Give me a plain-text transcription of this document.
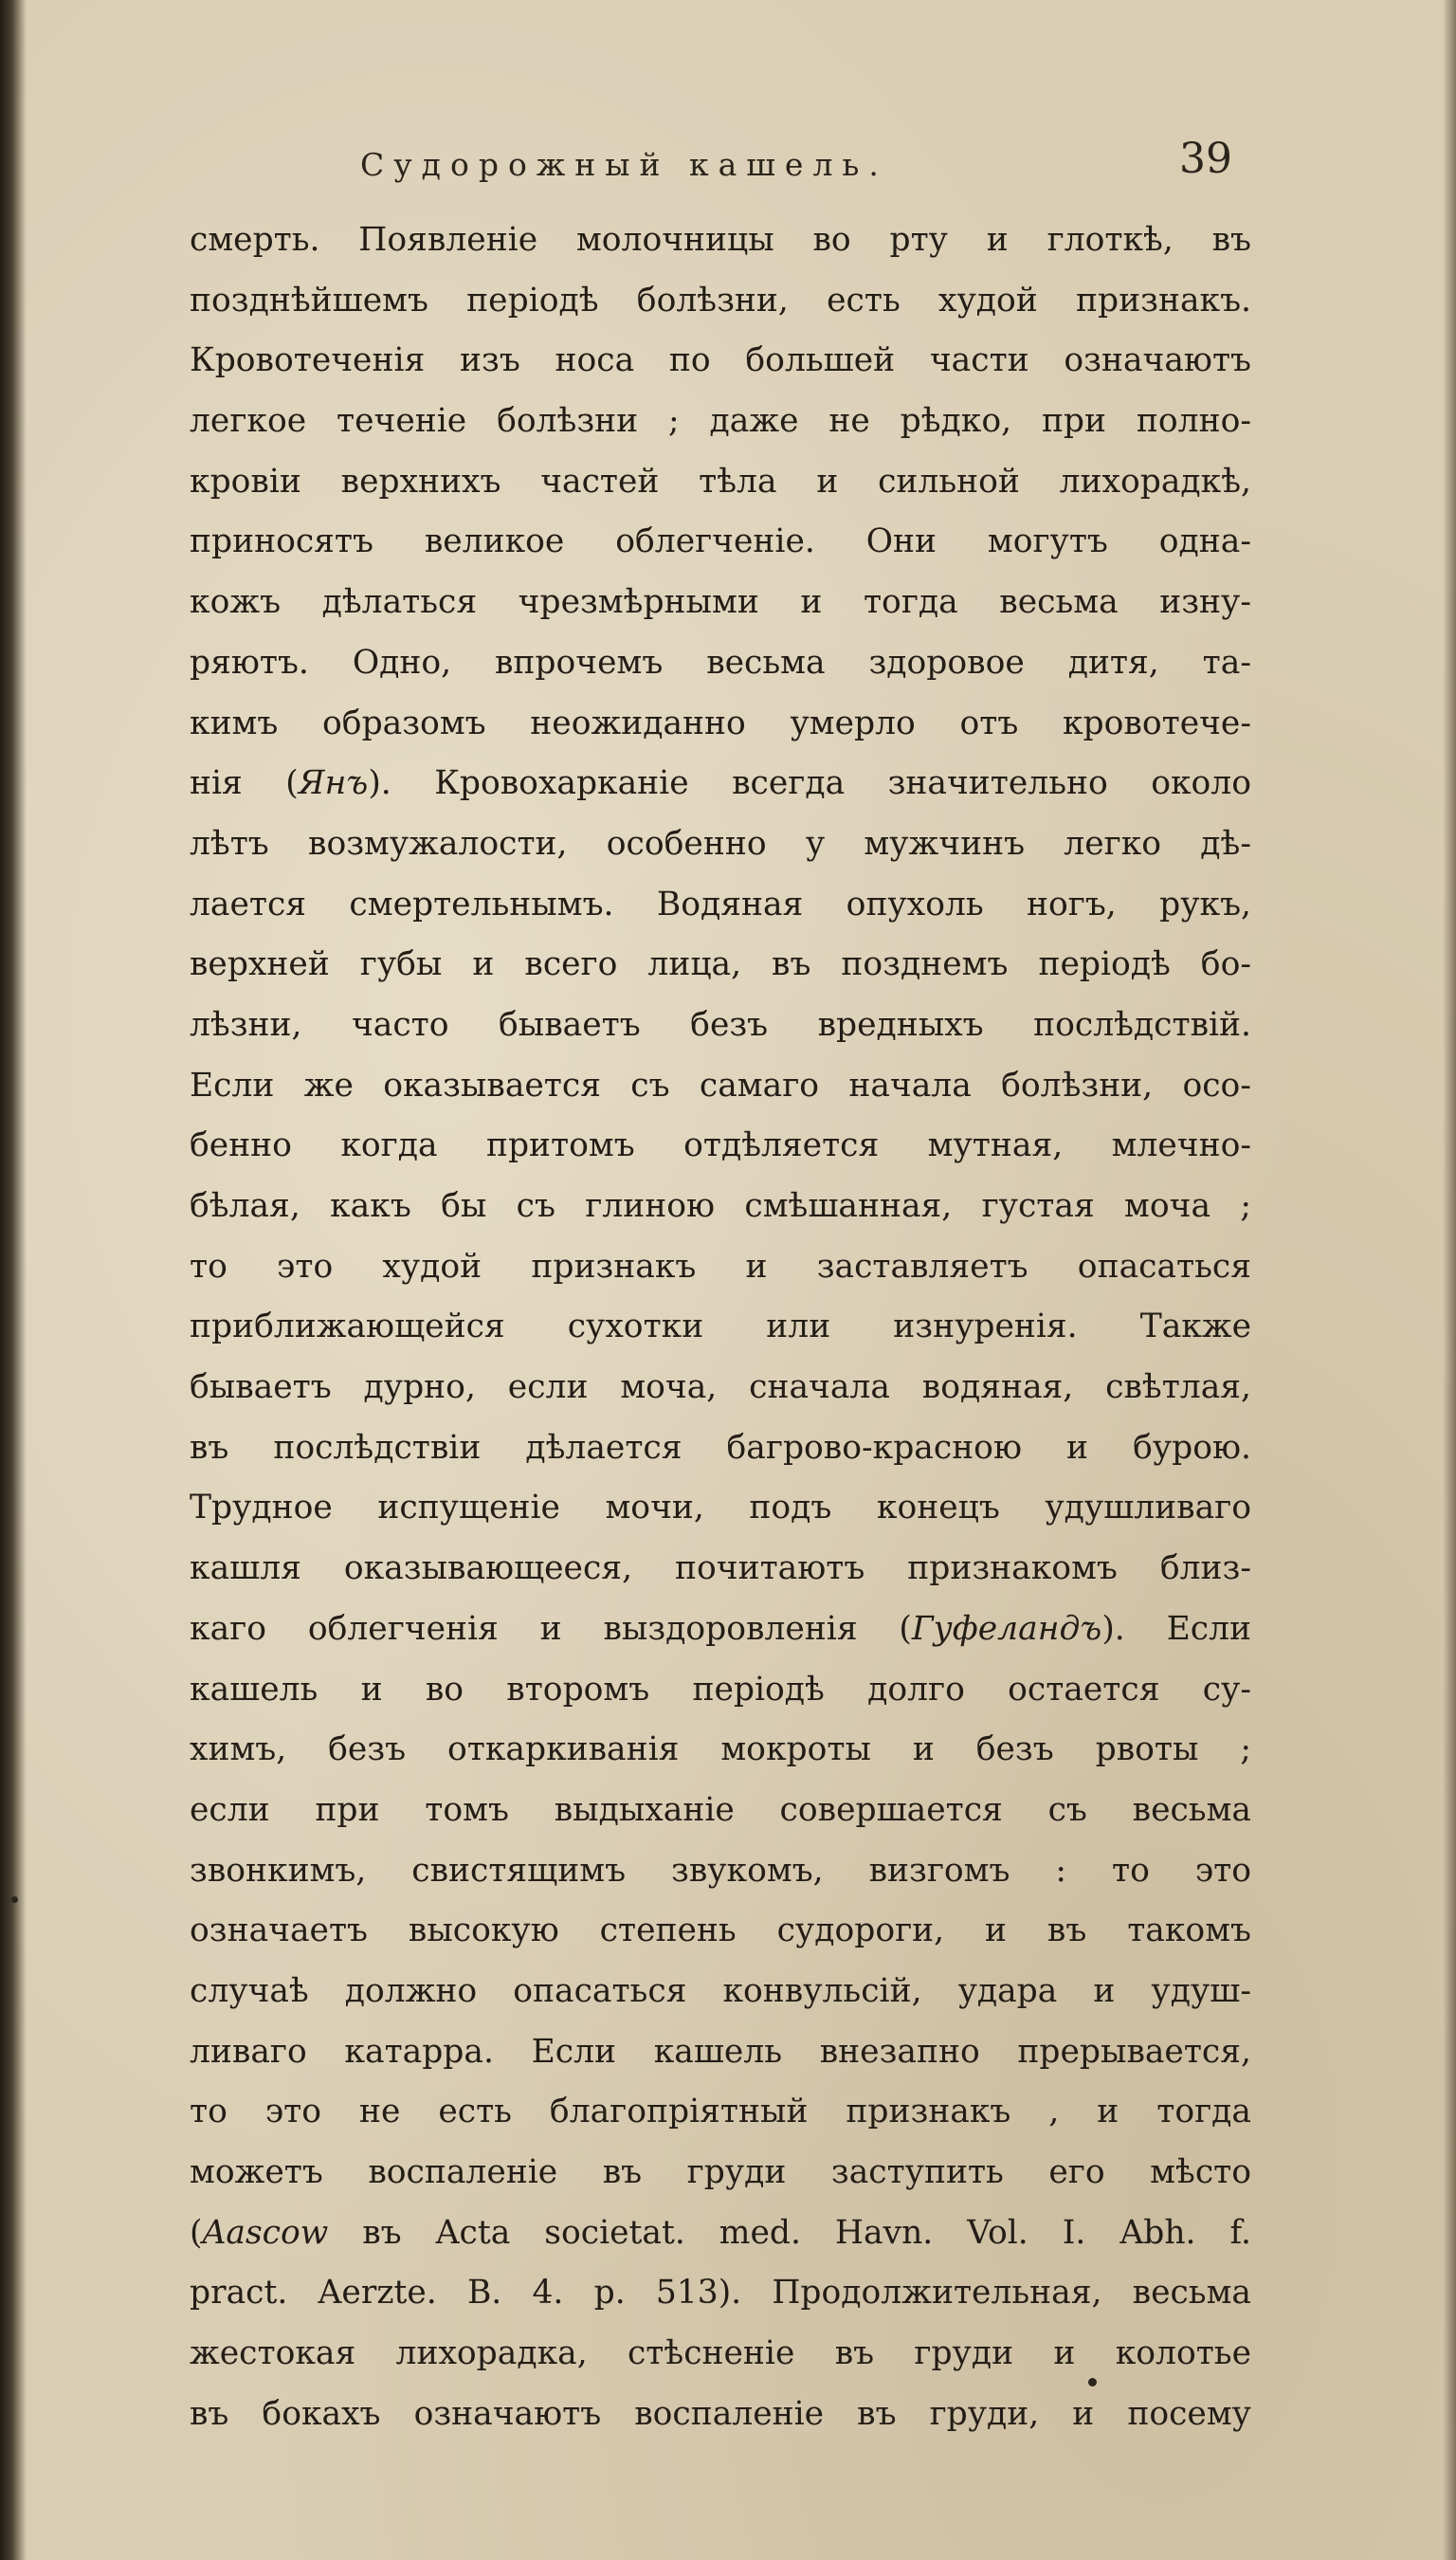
Судорожный кашель.	39
смерть. Появленіе молочницы во рту и глоткѣ, въ
позднѣйшемъ періодѣ болѣзни, есть худой признакъ.
Кровотеченія изъ носа по большей части означаютъ
легкое теченіе болѣзни ; даже не рѣдко, при полно-
кровіи верхнихъ частей тѣла и сильной лихорадкѣ,
приносятъ великое облегченіе. Они могутъ одна-
кожъ дѣлаться чрезмѣрными и тогда весьма изну-
ряютъ. Одно, впрочемъ весьма здоровое дитя, та-
кимъ образомъ неожиданно умерло отъ кровотече-
нія (Янъ). Кровохарканіе всегда значительно около
лѣтъ возмужалости, особенно у мужчинъ легко дѣ-
лается смертельнымъ. Водяная опухоль ногъ, рукъ,
верхней губы и всего лица, въ позднемъ періодѣ бо-
лѣзни, часто бываетъ безъ вредныхъ послѣдствій.
Если же оказывается съ самаго начала болѣзни, осо-
бенно когда притомъ отдѣляется мутная, млечно-
бѣлая, какъ бы съ глиною смѣшанная, густая моча ;
то это худой признакъ и заставляетъ опасаться
приближающейся сухотки или изнуренія. Также
бываетъ дурно, если моча, сначала водяная, свѣтлая,
въ послѣдствіи дѣлается багрово-красною и бурою.
Трудное испущеніе мочи, подъ конецъ удушливаго
кашля оказывающееся, почитаютъ признакомъ близ-
каго облегченія и выздоровленія (Гуфеландъ). Если
кашель и во второмъ періодѣ долго остается су-
химъ, безъ откаркиванія мокроты и безъ рвоты ;
если при томъ выдыханіе совершается съ весьма
звонкимъ, свистящимъ звукомъ, визгомъ : то это
означаетъ высокую степень судороги, и въ такомъ
случаѣ должно опасаться конвульсій, удара и удуш-
ливаго катарра. Если кашель внезапно прерывается,
то это не есть благопріятный признакъ , и тогда
можетъ воспаленіе въ груди заступить его мѣсто
(Aascow въ Acta societat. med. Havn. Vol. I. Abh. f.
pract. Aerzte. B. 4. p. 513). Продолжительная, весьма
жестокая лихорадка, стѣсненіе въ груди и колотье
въ бокахъ означаютъ воспаленіе въ груди, и посему
